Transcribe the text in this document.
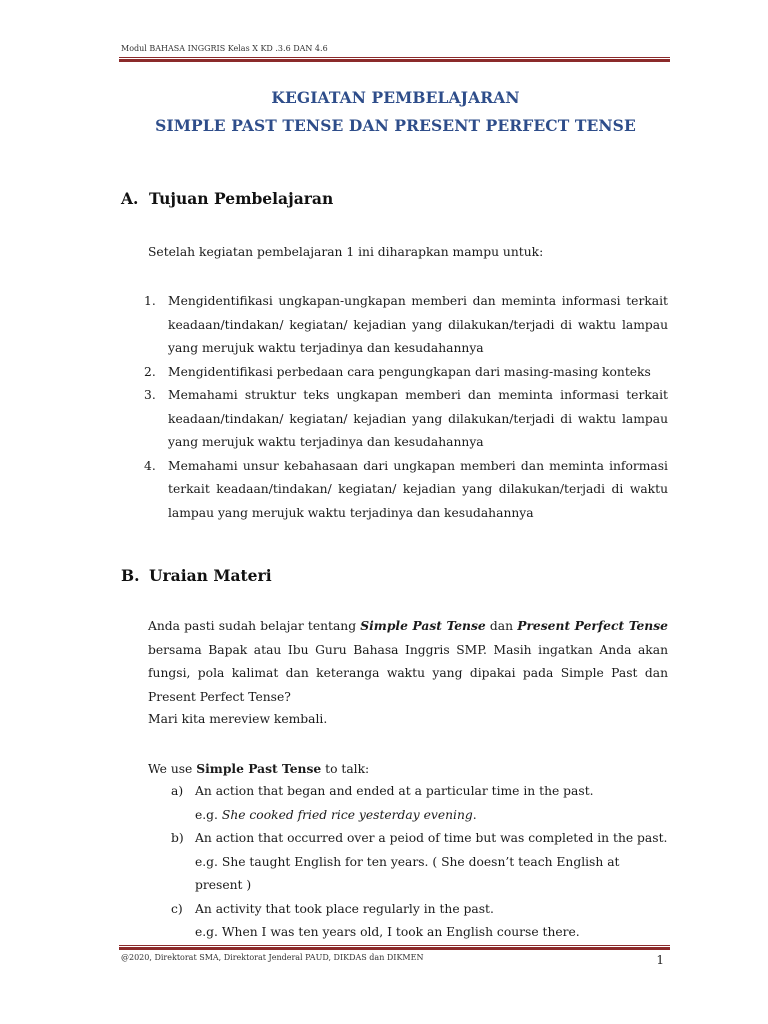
Modul BAHASA INGGRIS Kelas X KD .3.6 DAN 4.6
KEGIATAN PEMBELAJARAN
SIMPLE PAST TENSE DAN PRESENT PERFECT TENSE
A. Tujuan Pembelajaran
Setelah kegiatan pembelajaran 1 ini diharapkan mampu untuk:
1. Mengidentifikasi ungkapan-ungkapan memberi dan meminta informasi terkait keadaan/tindakan/ kegiatan/ kejadian yang dilakukan/terjadi di waktu lampau yang merujuk waktu terjadinya dan kesudahannya
2. Mengidentifikasi perbedaan cara pengungkapan dari masing-masing konteks
3. Memahami struktur teks ungkapan memberi dan meminta informasi terkait keadaan/tindakan/ kegiatan/ kejadian yang dilakukan/terjadi di waktu lampau yang merujuk waktu terjadinya dan kesudahannya
4. Memahami unsur kebahasaan dari ungkapan memberi dan meminta informasi terkait keadaan/tindakan/ kegiatan/ kejadian yang dilakukan/terjadi di waktu lampau yang merujuk waktu terjadinya dan kesudahannya
B. Uraian Materi
Anda pasti sudah belajar tentang Simple Past Tense dan Present Perfect Tense bersama Bapak atau Ibu Guru Bahasa Inggris SMP. Masih ingatkan Anda akan fungsi, pola kalimat dan keteranga waktu yang dipakai pada Simple Past dan Present Perfect Tense?
Mari kita mereview kembali.
We use Simple Past Tense to talk:
a) An action that began and ended at a particular time in the past.
e.g. She cooked fried rice yesterday evening.
b) An action that occurred over a peiod of time but was completed in the past.
e.g. She taught English for ten years. ( She doesn’t teach English at present )
c) An activity that took place regularly in the past.
e.g. When I was ten years old, I took an English course there.
@2020, Direktorat SMA, Direktorat Jenderal PAUD, DIKDAS dan DIKMEN	1
